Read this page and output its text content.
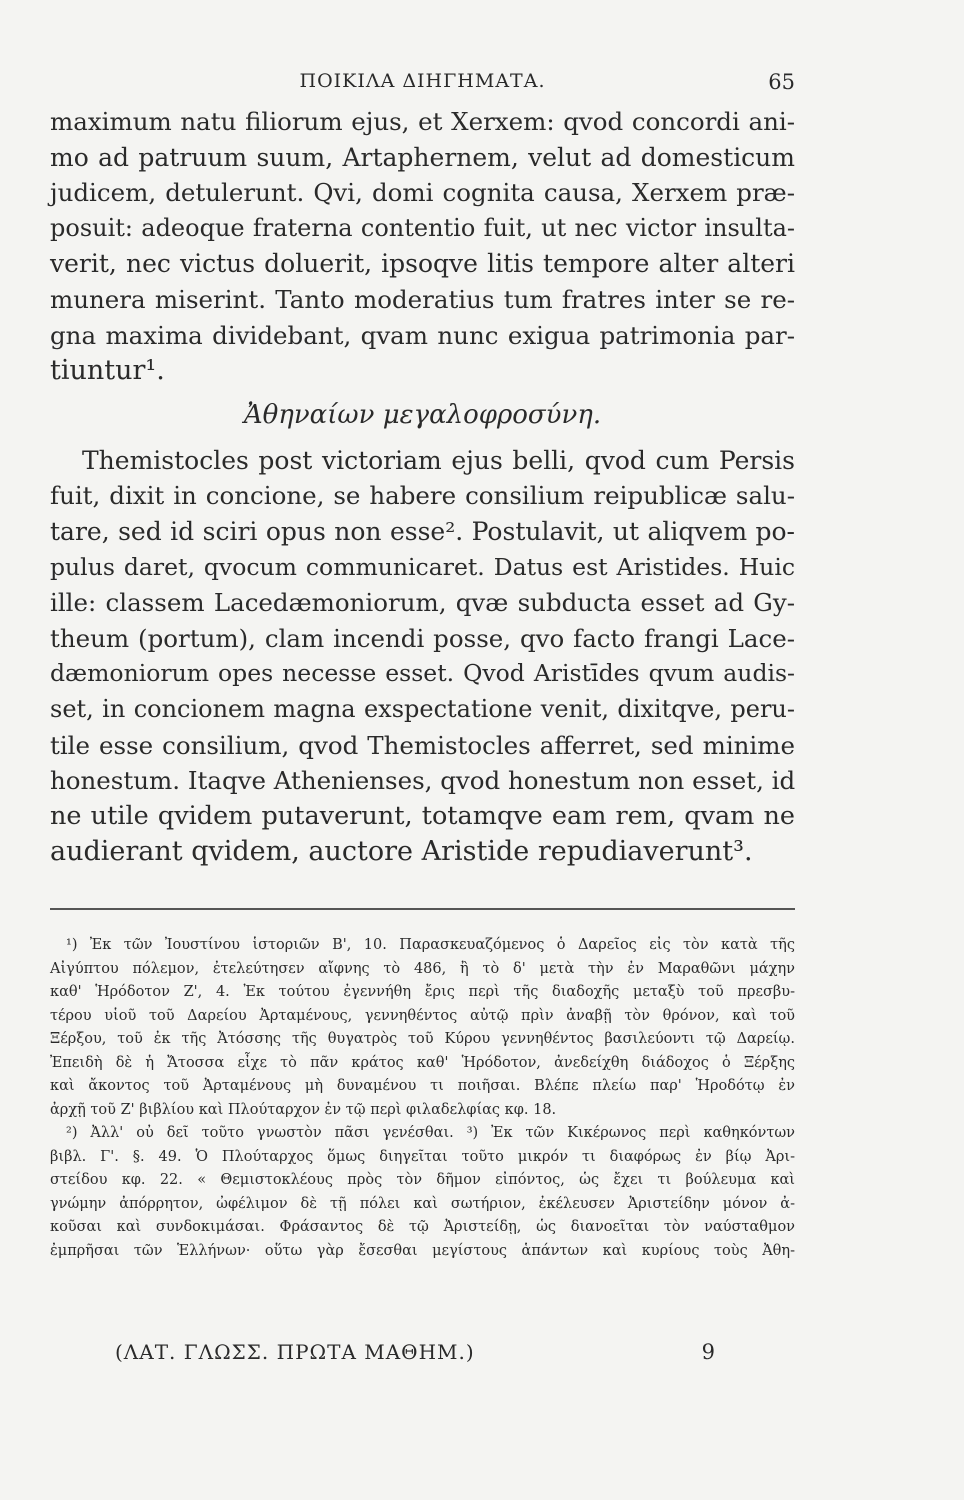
ΠΟΙΚΙΛΑ ΔΙΗΓΗΜΑΤΑ.	65
maximum natu filiorum ejus, et Xerxem: qvod concordi ani-
mo ad patruum suum, Artaphernem, velut ad domesticum
judicem, detulerunt. Qvi, domi cognita causa, Xerxem præ-
posuit: adeoque fraterna contentio fuit, ut nec victor insulta-
verit, nec victus doluerit, ipsoqve litis tempore alter alteri
munera miserint. Tanto moderatius tum fratres inter se re-
gna maxima dividebant, qvam nunc exigua patrimonia par-
tiuntur¹.
Ἀθηναίων μεγαλοφροσύνη.
Themistocles post victoriam ejus belli, qvod cum Persis
fuit, dixit in concione, se habere consilium reipublicæ salu-
tare, sed id sciri opus non esse². Postulavit, ut aliqvem po-
pulus daret, qvocum communicaret. Datus est Aristides. Huic
ille: classem Lacedæmoniorum, qvæ subducta esset ad Gy-
theum (portum), clam incendi posse, qvo facto frangi Lace-
dæmoniorum opes necesse esset. Qvod Aristīdes qvum audis-
set, in concionem magna exspectatione venit, dixitqve, peru-
tile esse consilium, qvod Themistocles afferret, sed minime
honestum. Itaqve Athenienses, qvod honestum non esset, id
ne utile qvidem putaverunt, totamqve eam rem, qvam ne
audierant qvidem, auctore Aristide repudiaverunt³.
¹) Ἐκ τῶν Ἰουστίνου ἱστοριῶν Β', 10. Παρασκευαζόμενος ὁ Δαρεῖος εἰς τὸν κατὰ τῆς
Αἰγύπτου πόλεμον, ἐτελεύτησεν αἴφνης τὸ 486, ἢ τὸ δ' μετὰ τὴν ἐν Μαραθῶνι μάχην
καθ' Ἡρόδοτον Ζ', 4. Ἐκ τούτου ἐγεννήθη ἔρις περὶ τῆς διαδοχῆς μεταξὺ τοῦ πρεσβυ-
τέρου υἱοῦ τοῦ Δαρείου Ἀρταμένους, γεννηθέντος αὐτῷ πρὶν ἀναβῇ τὸν θρόνον, καὶ τοῦ
Ξέρξου, τοῦ ἐκ τῆς Ἀτόσσης τῆς θυγατρὸς τοῦ Κύρου γεννηθέντος βασιλεύοντι τῷ Δαρείῳ.
Ἐπειδὴ δὲ ἡ Ἄτοσσα εἶχε τὸ πᾶν κράτος καθ' Ἡρόδοτον, ἀνεδείχθη διάδοχος ὁ Ξέρξης
καὶ ἄκοντος τοῦ Ἀρταμένους μὴ δυναμένου τι ποιῆσαι. Βλέπε πλείω παρ' Ἡροδότῳ ἐν
ἀρχῇ τοῦ Ζ' βιβλίου καὶ Πλούταρχον ἐν τῷ περὶ φιλαδελφίας κφ. 18.
²) Ἀλλ' οὐ δεῖ τοῦτο γνωστὸν πᾶσι γενέσθαι. ³) Ἐκ τῶν Κικέρωνος περὶ καθηκόντων
βιβλ. Γ'. §. 49. Ὁ Πλούταρχος ὅμως διηγεῖται τοῦτο μικρόν τι διαφόρως ἐν βίῳ Ἀρι-
στείδου κφ. 22. « Θεμιστοκλέους πρὸς τὸν δῆμον εἰπόντος, ὡς ἔχει τι βούλευμα καὶ
γνώμην ἀπόρρητον, ὠφέλιμον δὲ τῇ πόλει καὶ σωτήριον, ἐκέλευσεν Ἀριστείδην μόνον ἀ-
κοῦσαι καὶ συνδοκιμάσαι. Φράσαντος δὲ τῷ Ἀριστείδῃ, ὡς διανοεῖται τὸν ναύσταθμον
ἐμπρῆσαι τῶν Ἑλλήνων· οὕτω γὰρ ἔσεσθαι μεγίστους ἁπάντων καὶ κυρίους τοὺς Ἀθη-
(ΛΑΤ. ΓΛΩΣΣ. ΠΡΩΤΑ ΜΑΘΗΜ.)	9
